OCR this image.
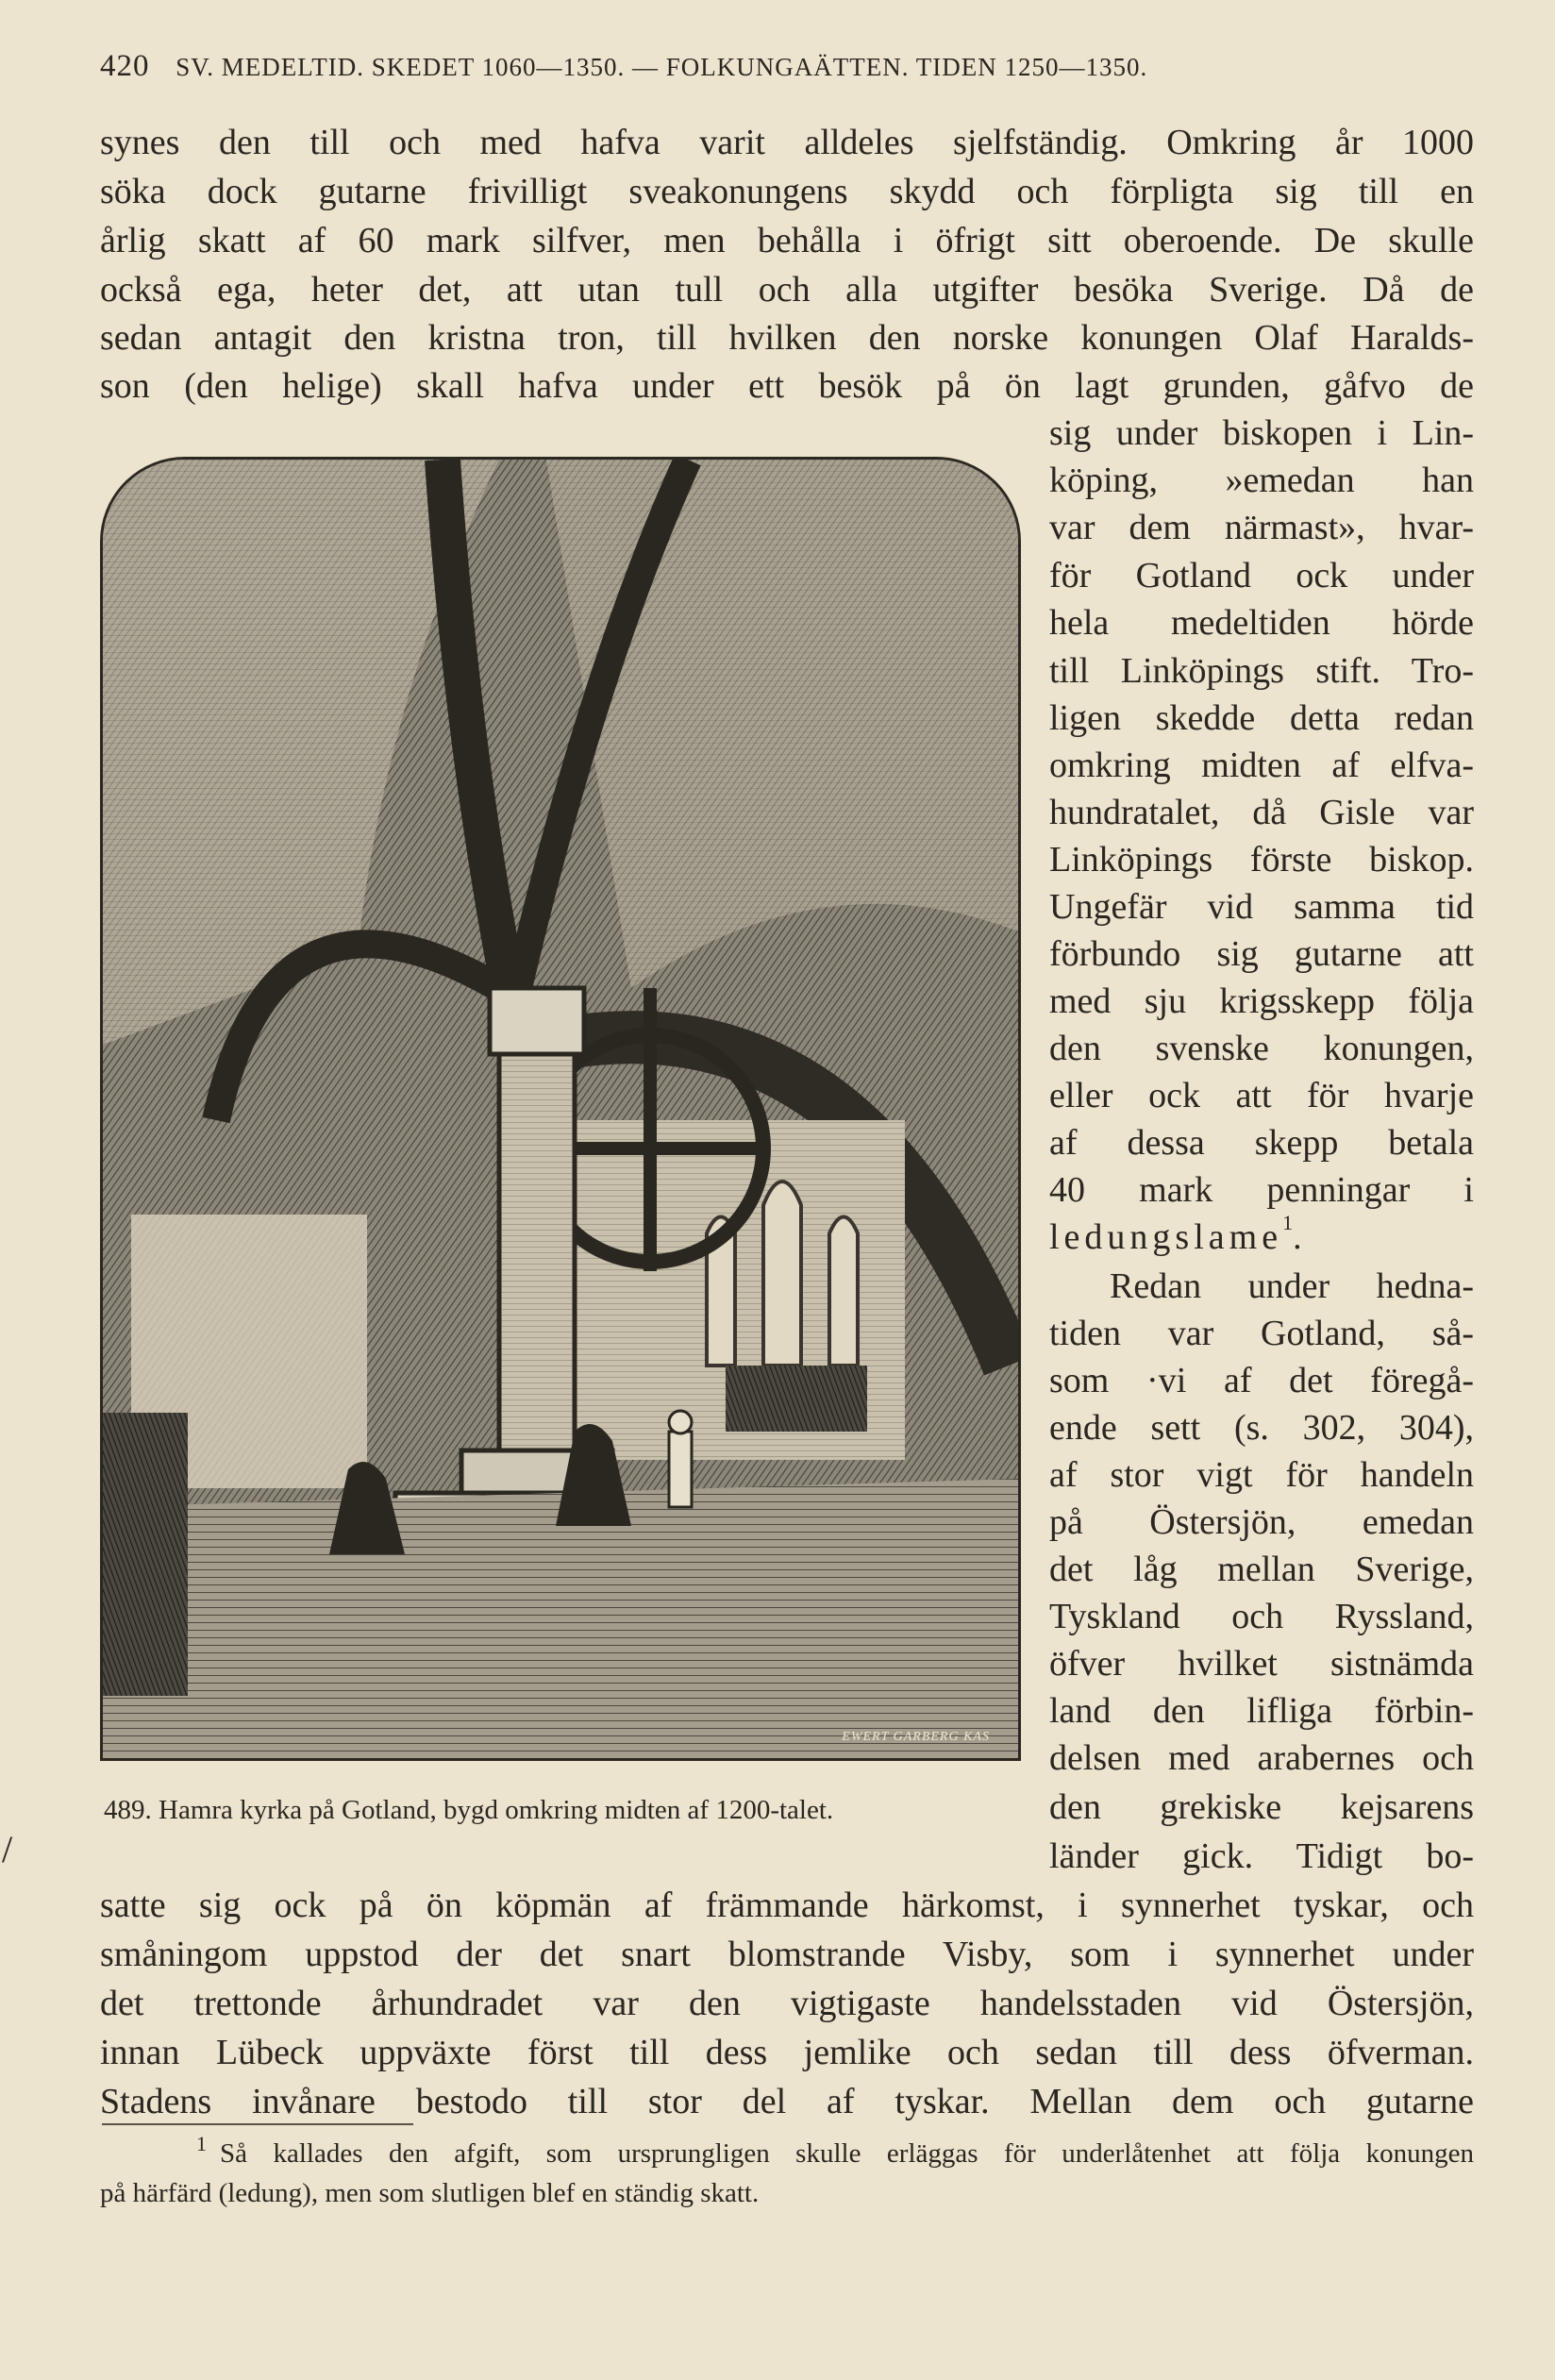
420 SV. MEDELTID. SKEDET 1060—1350. — FOLKUNGAÄTTEN. TIDEN 1250—1350.
synes den till och med hafva varit alldeles sjelfständig. Omkring år 1000
söka dock gutarne frivilligt sveakonungens skydd och förpligta sig till en
årlig skatt af 60 mark silfver, men behålla i öfrigt sitt oberoende. De skulle
också ega, heter det, att utan tull och alla utgifter besöka Sverige. Då de
sedan antagit den kristna tron, till hvilken den norske konungen Olaf Haralds-
son (den helige) skall hafva under ett besök på ön lagt grunden, gåfvo de
sig under biskopen i Lin-
köping, »emedan han
var dem närmast», hvar-
för Gotland ock under
hela medeltiden hörde
till Linköpings stift. Tro-
ligen skedde detta redan
omkring midten af elfva-
hundratalet, då Gisle var
Linköpings förste biskop.
Ungefär vid samma tid
förbundo sig gutarne att
med sju krigsskepp följa
den svenske konungen,
eller ock att för hvarje
af dessa skepp betala
40 mark penningar i
ledungslame$^1$.
Redan under hedna-
tiden var Gotland, så-
som ·vi af det föregå-
ende sett (s. 302, 304),
af stor vigt för handeln
på Östersjön, emedan
det låg mellan Sverige,
Tyskland och Ryssland,
öfver hvilket sistnämda
land den lifliga förbin-
delsen med arabernes och
den grekiske kejsarens
länder gick. Tidigt bo-
satte sig ock på ön köpmän af främmande härkomst, i synnerhet tyskar, och
småningom uppstod der det snart blomstrande Visby, som i synnerhet under
det trettonde århundradet var den vigtigaste handelsstaden vid Östersjön,
innan Lübeck uppväxte först till dess jemlike och sedan till dess öfverman.
Stadens invånare bestodo till stor del af tyskar. Mellan dem och gutarne
EWERT GARBERG KAS
489. Hamra kyrka på Gotland, bygd omkring midten af 1200-talet.
/
$^1$ Så kallades den afgift, som ursprungligen skulle erläggas för underlåtenhet att följa konungen
på härfärd (ledung), men som slutligen blef en ständig skatt.
